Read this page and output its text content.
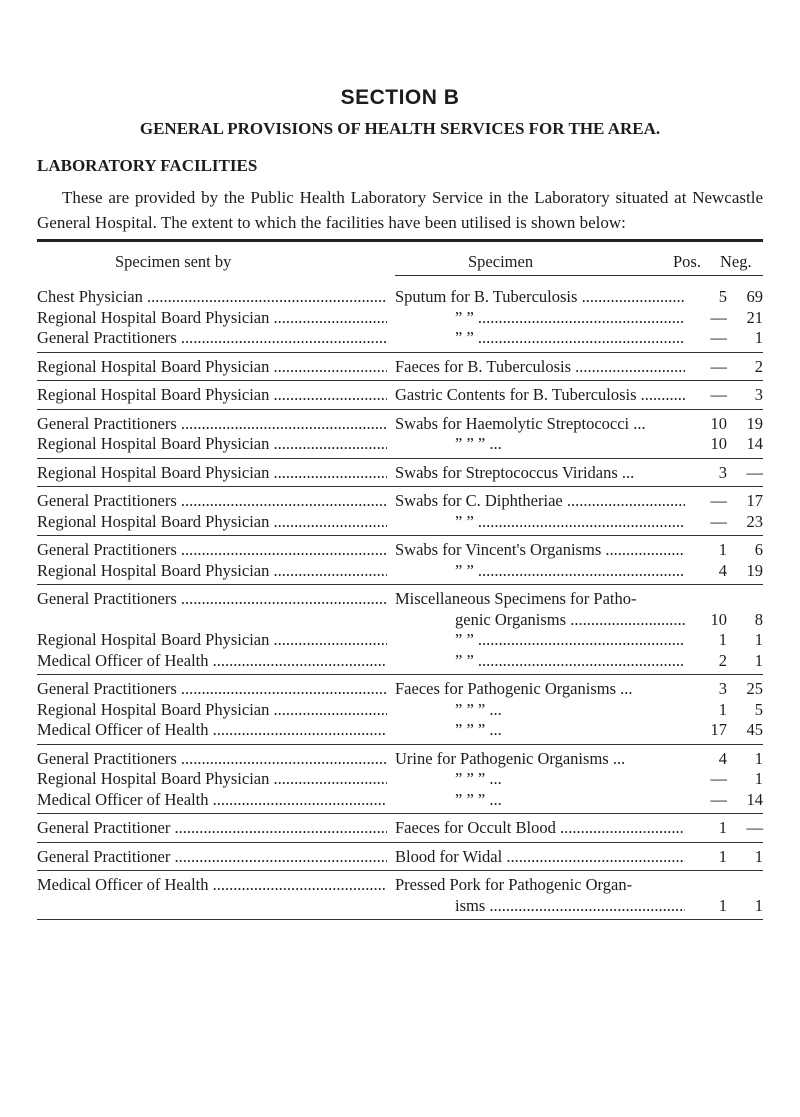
SECTION B
GENERAL PROVISIONS OF HEALTH SERVICES FOR THE AREA.
LABORATORY FACILITIES
These are provided by the Public Health Laboratory Service in the Laboratory situated at Newcastle General Hospital. The extent to which the facilities have been utilised is shown below:
Specimen sent by	Specimen	Pos. Neg.
Chest Physician .....	Sputum for B. Tuberculosis .....	5	69
Regional Hospital Board Physician .....	” ” .....	—	21
General Practitioners .....	” ” .....	—	1
Regional Hospital Board Physician .....	Faeces for B. Tuberculosis .....	—	2
Regional Hospital Board Physician .....	Gastric Contents for B. Tuberculosis .....	—	3
General Practitioners .....	Swabs for Haemolytic Streptococci ...	10	19
Regional Hospital Board Physician .....	” ” ” ...	10	14
Regional Hospital Board Physician .....	Swabs for Streptococcus Viridans ...	3	—
General Practitioners .....	Swabs for C. Diphtheriae .....	—	17
Regional Hospital Board Physician .....	” ” .....	—	23
General Practitioners .....	Swabs for Vincent's Organisms .....	1	6
Regional Hospital Board Physician .....	” ” .....	4	19
General Practitioners .....	Miscellaneous Specimens for Patho-
genic Organisms .....	10	8
Regional Hospital Board Physician .....	” ” .....	1	1
Medical Officer of Health .....	” ” .....	2	1
General Practitioners .....	Faeces for Pathogenic Organisms ...	3	25
Regional Hospital Board Physician .....	” ” ” ...	1	5
Medical Officer of Health .....	” ” ” ...	17	45
General Practitioners .....	Urine for Pathogenic Organisms ...	4	1
Regional Hospital Board Physician .....	” ” ” ...	—	1
Medical Officer of Health .....	” ” ” ...	—	14
General Practitioner .....	Faeces for Occult Blood .....	1	—
General Practitioner .....	Blood for Widal .....	1	1
Medical Officer of Health .....	Pressed Pork for Pathogenic Organ-
isms .....	1	1
